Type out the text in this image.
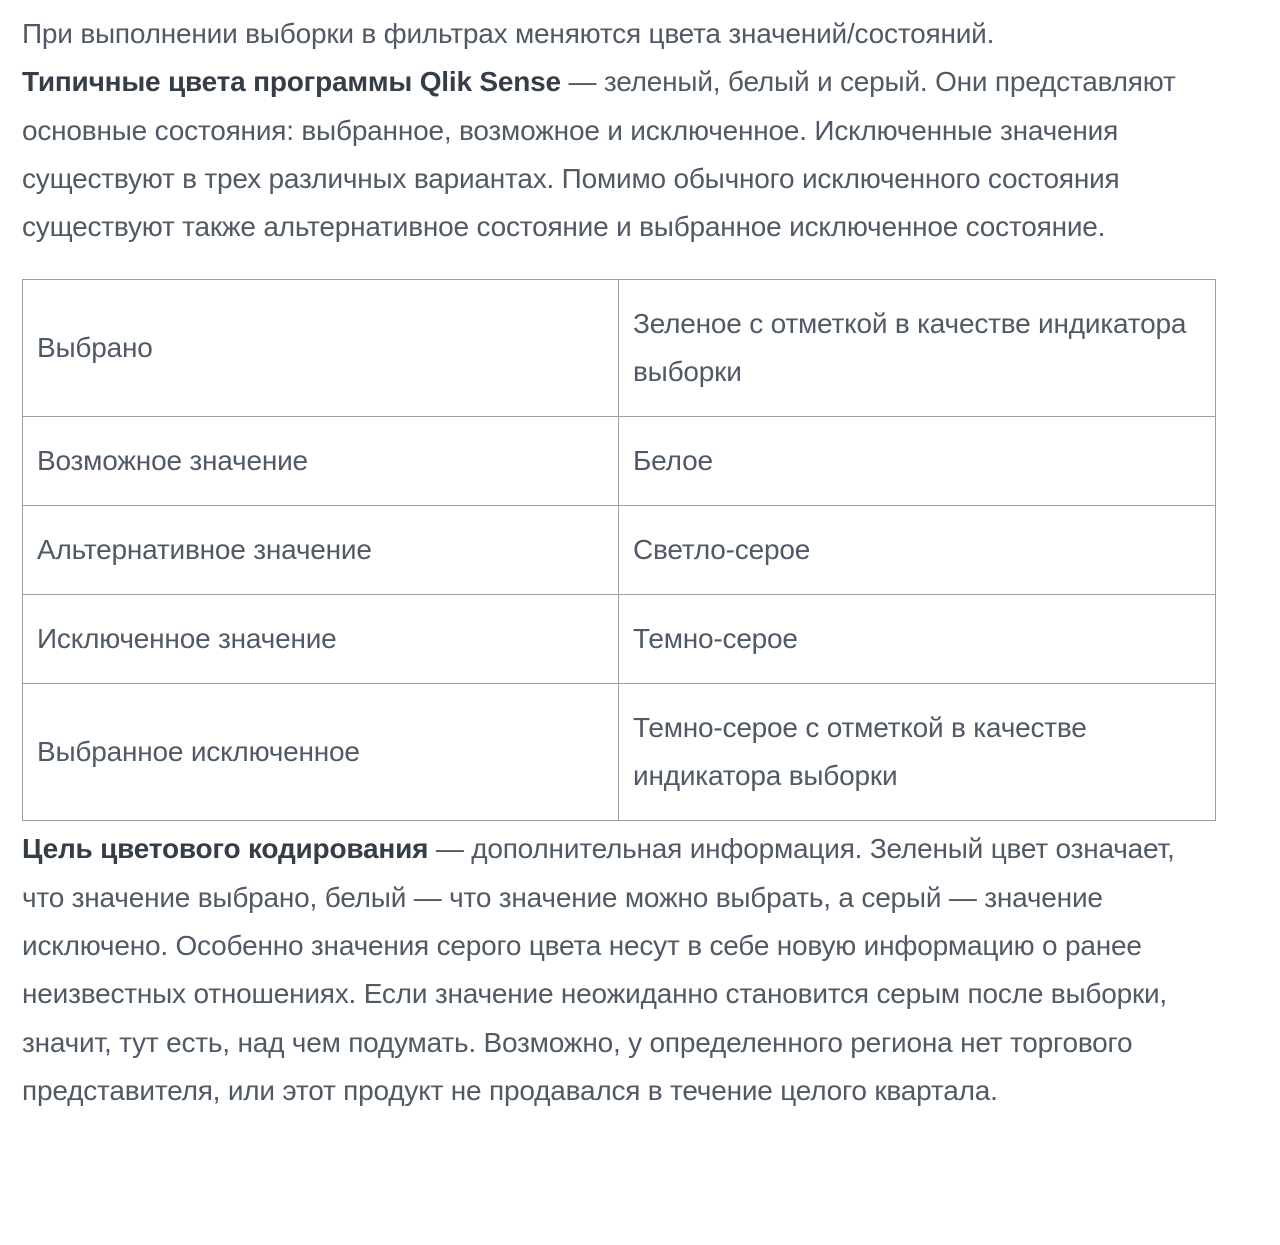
При выполнении выборки в фильтрах меняются цвета значений/состояний.
Типичные цвета программы Qlik Sense — зеленый, белый и серый. Они представляют основные состояния: выбранное, возможное и исключенное. Исключенные значения существуют в трех различных вариантах. Помимо обычного исключенного состояния существуют также альтернативное состояние и выбранное исключенное состояние.

Выбрано	Зеленое с отметкой в качестве индикатора выборки
Возможное значение	Белое
Альтернативное значение	Светло-серое
Исключенное значение	Темно-серое
Выбранное исключенное	Темно-серое с отметкой в качестве индикатора выборки

Цель цветового кодирования — дополнительная информация. Зеленый цвет означает, что значение выбрано, белый — что значение можно выбрать, а серый — значение исключено. Особенно значения серого цвета несут в себе новую информацию о ранее неизвестных отношениях. Если значение неожиданно становится серым после выборки, значит, тут есть, над чем подумать. Возможно, у определенного региона нет торгового представителя, или этот продукт не продавался в течение целого квартала.
